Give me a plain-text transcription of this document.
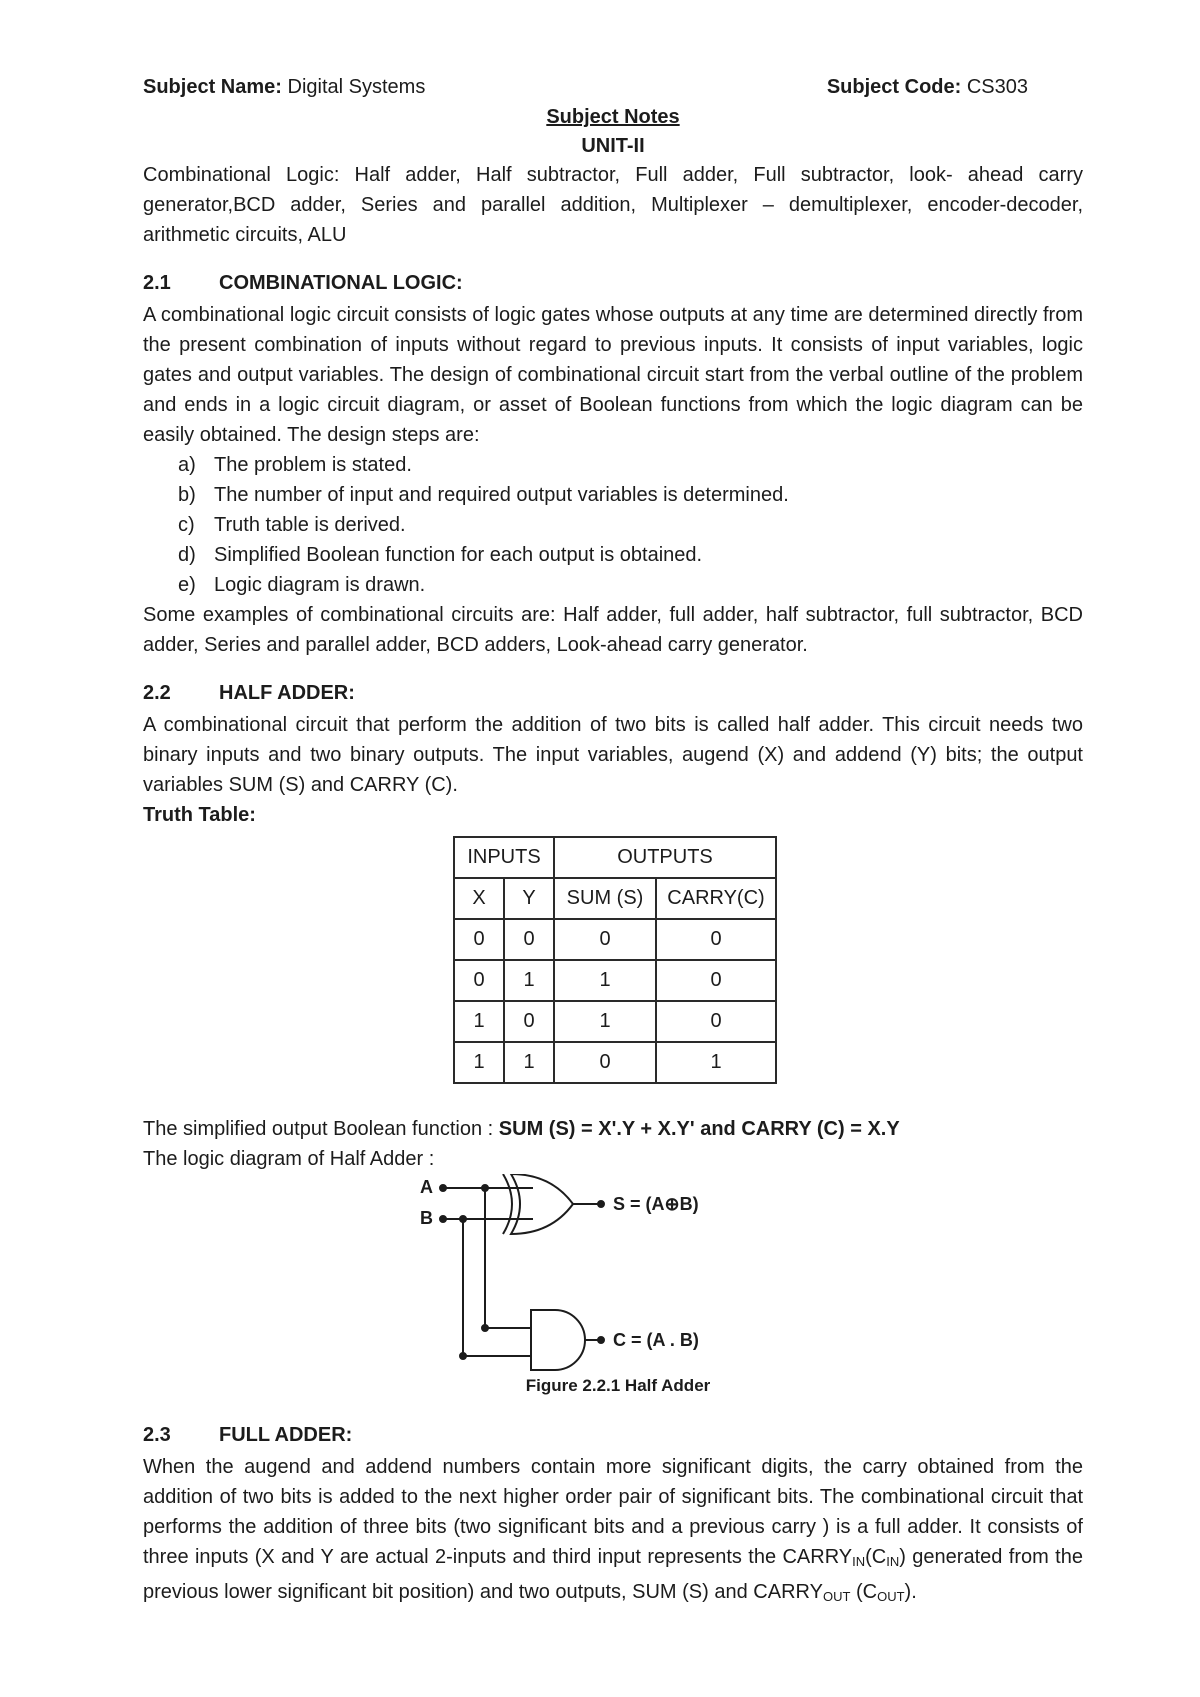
Subject Name: Digital Systems	Subject Code: CS303
Subject Notes
UNIT-II

Combinational Logic: Half adder, Half subtractor, Full adder, Full subtractor, look- ahead carry generator,BCD adder, Series and parallel addition, Multiplexer – demultiplexer, encoder-decoder, arithmetic circuits, ALU

2.1	COMBINATIONAL LOGIC:

A combinational logic circuit consists of logic gates whose outputs at any time are determined directly from the present combination of inputs without regard to previous inputs. It consists of input variables, logic gates and output variables. The design of combinational circuit start from the verbal outline of the problem and ends in a logic circuit diagram, or asset of Boolean functions from which the logic diagram can be easily obtained. The design steps are:

a) The problem is stated.
b) The number of input and required output variables is determined.
c) Truth table is derived.
d) Simplified Boolean function for each output is obtained.
e) Logic diagram is drawn.

Some examples of combinational circuits are: Half adder, full adder, half subtractor, full subtractor, BCD adder, Series and parallel adder, BCD adders, Look-ahead carry generator.

2.2	HALF ADDER:

A combinational circuit that perform the addition of two bits is called half adder. This circuit needs two binary inputs and two binary outputs. The input variables, augend (X) and addend (Y) bits; the output variables SUM (S) and CARRY (C).

Truth Table:
INPUTS		OUTPUTS	
X	Y	SUM (S)	CARRY(C)
0	0	0	0
0	1	1	0
1	0	1	0
1	1	0	1
The simplified output Boolean function : SUM (S) = X'.Y + X.Y' and CARRY (C) = X.Y
The logic diagram of Half Adder :
A
B
S = (A⊕B)
C = (A . B)
Figure 2.2.1 Half Adder
2.3	FULL ADDER:

When the augend and addend numbers contain more significant digits, the carry obtained from the addition of two bits is added to the next higher order pair of significant bits. The combinational circuit that performs the addition of three bits (two significant bits and a previous carry ) is a full adder. It consists of three inputs (X and Y are actual 2-inputs and third input represents the $CARRY_{IN}(C_{IN})$ generated from the previous lower significant bit position) and two outputs, SUM (S) and $CARRY_{OUT}$ $(C_{OUT})$.
